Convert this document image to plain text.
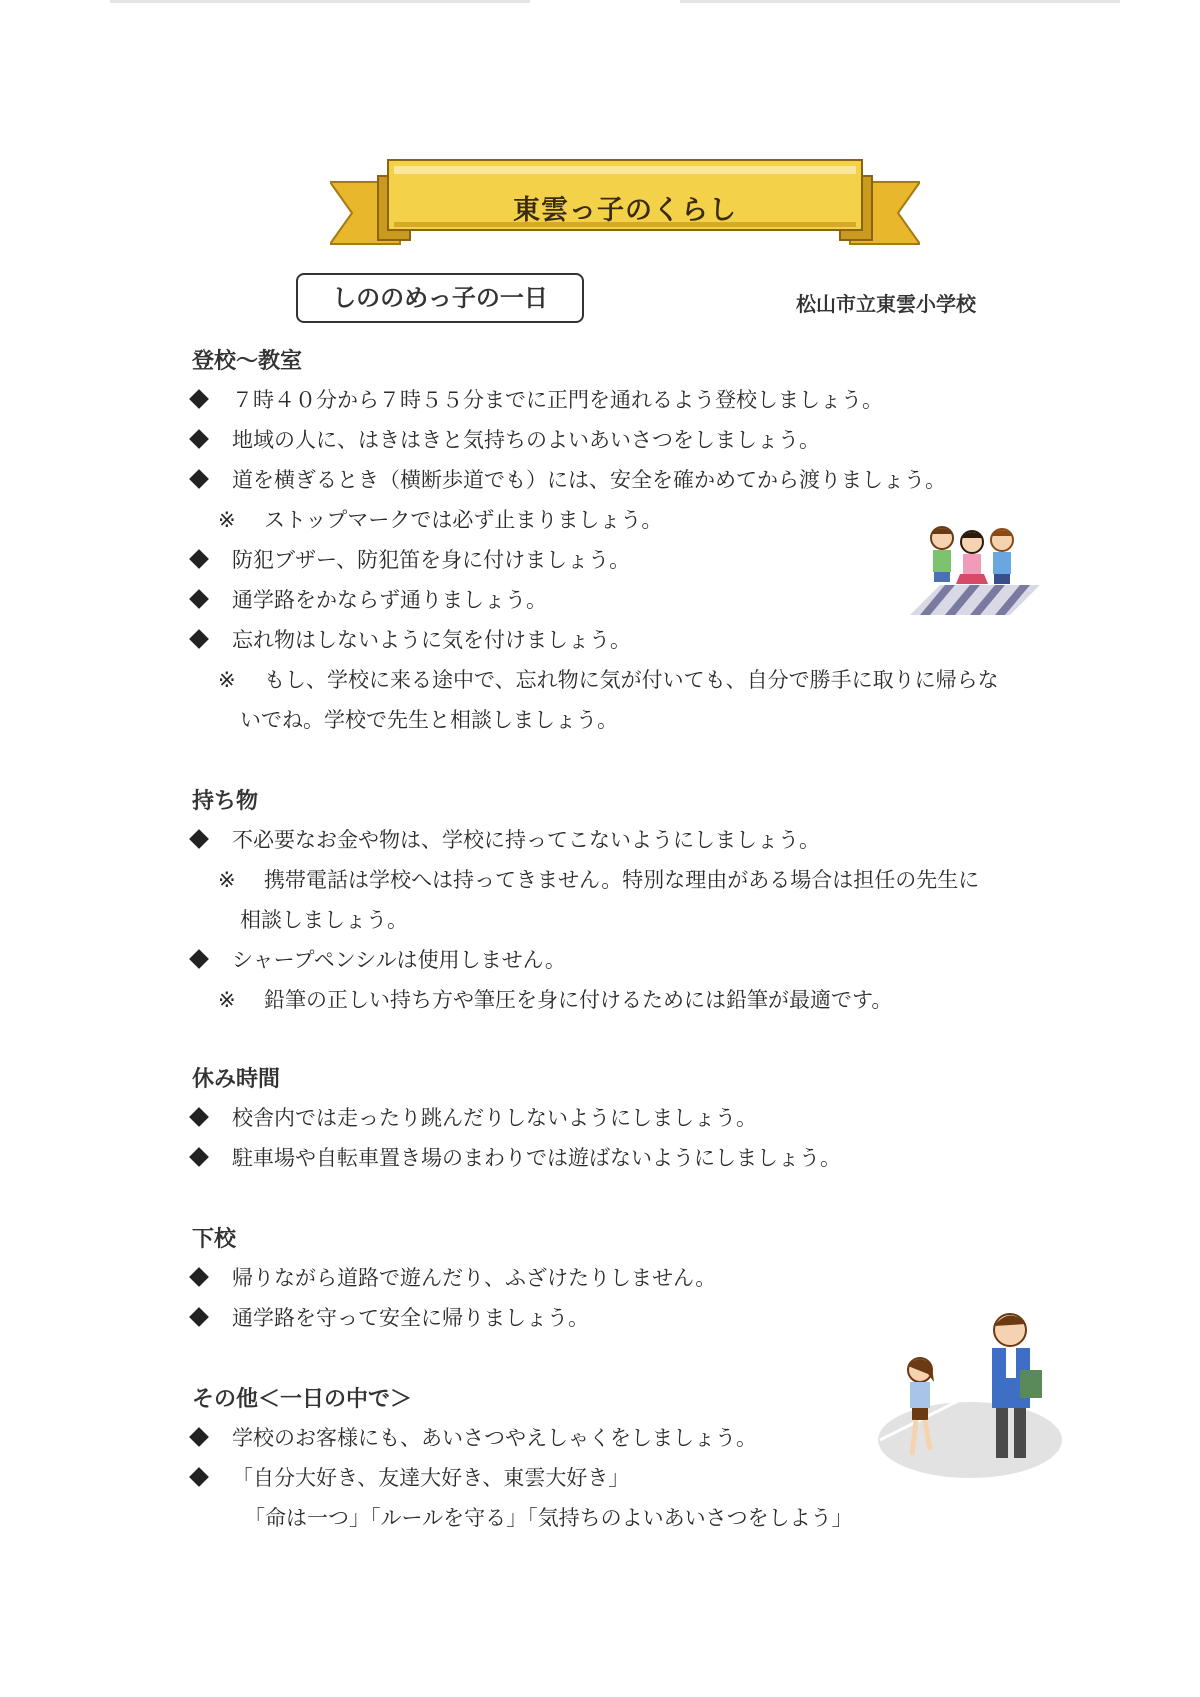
東雲っ子のくらし
しののめっ子の一日	松山市立東雲小学校
登校～教室
７時４０分から７時５５分までに正門を通れるよう登校しましょう。
地域の人に、はきはきと気持ちのよいあいさつをしましょう。
道を横ぎるとき（横断歩道でも）には、安全を確かめてから渡りましょう。
※ ストップマークでは必ず止まりましょう。
防犯ブザー、防犯笛を身に付けましょう。
通学路をかならず通りましょう。
忘れ物はしないように気を付けましょう。
※ もし、学校に来る途中で、忘れ物に気が付いても、自分で勝手に取りに帰らな
いでね。学校で先生と相談しましょう。
持ち物
不必要なお金や物は、学校に持ってこないようにしましょう。
※ 携帯電話は学校へは持ってきません。特別な理由がある場合は担任の先生に
相談しましょう。
シャープペンシルは使用しません。
※ 鉛筆の正しい持ち方や筆圧を身に付けるためには鉛筆が最適です。
休み時間
校舎内では走ったり跳んだりしないようにしましょう。
駐車場や自転車置き場のまわりでは遊ばないようにしましょう。
下校
帰りながら道路で遊んだり、ふざけたりしません。
通学路を守って安全に帰りましょう。
その他＜一日の中で＞
学校のお客様にも、あいさつやえしゃくをしましょう。
「自分大好き、友達大好き、東雲大好き」
「命は一つ」「ルールを守る」「気持ちのよいあいさつをしよう」
